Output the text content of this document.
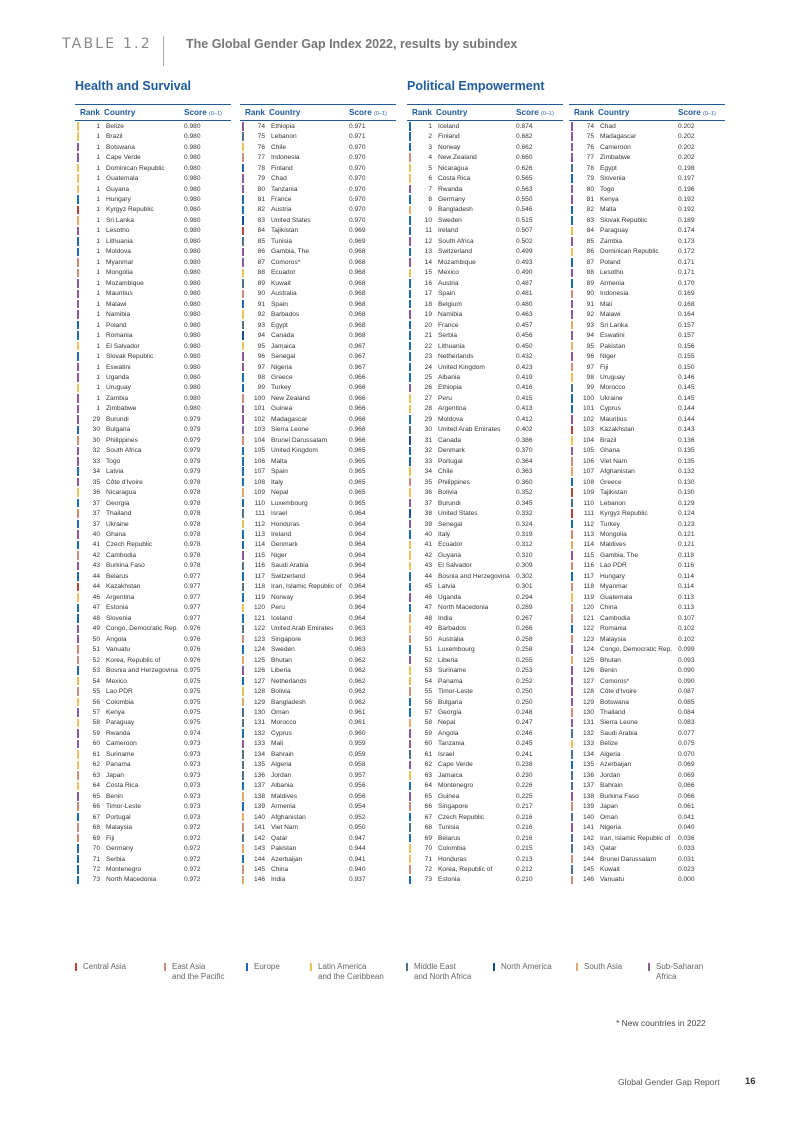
TABLE 1.2	The Global Gender Gap Index 2022, results by subindex
Health and Survival	Political Empowerment
Rank Country	Score (0–1)
1 Belize	0.980
1 Brazil	0.980
1 Botswana	0.980
1 Cape Verde	0.980
1 Dominican Republic	0.980
1 Guatemala	0.980
1 Guyana	0.980
1 Hungary	0.980
1 Kyrgyz Republic	0.980
1 Sri Lanka	0.980
1 Lesotho	0.980
1 Lithuania	0.980
1 Moldova	0.980
1 Myanmar	0.980
1 Mongolia	0.980
1 Mozambique	0.980
1 Mauritius	0.980
1 Malawi	0.980
1 Namibia	0.980
1 Poland	0.980
1 Romania	0.980
1 El Salvador	0.980
1 Slovak Republic	0.980
1 Eswatini	0.980
1 Uganda	0.980
1 Uruguay	0.980
1 Zambia	0.980
1 Zimbabwe	0.980
29 Burundi	0.979
30 Bulgaria	0.979
30 Philippines	0.979
32 South Africa	0.979
33 Togo	0.979
34 Latvia	0.979
35 Côte d'Ivoire	0.978
36 Nicaragua	0.978
37 Georgia	0.978
37 Thailand	0.978
37 Ukraine	0.978
40 Ghana	0.978
41 Czech Republic	0.978
42 Cambodia	0.978
43 Burkina Faso	0.978
44 Belarus	0.977
44 Kazakhstan	0.977
46 Argentina	0.977
47 Estonia	0.977
48 Slovenia	0.977
49 Congo, Democratic Rep. 0.976
50 Angola	0.976
51 Vanuatu	0.976
52 Korea, Republic of	0.976
53 Bosnia and Herzegovina 0.975
54 Mexico	0.975
55 Lao PDR	0.975
56 Colombia	0.975
57 Kenya	0.975
58 Paraguay	0.975
59 Rwanda	0.974
60 Cameroon	0.973
61 Suriname	0.973
62 Panama	0.973
63 Japan	0.973
64 Costa Rica	0.973
65 Benin	0.973
66 Timor-Leste	0.973
67 Portugal	0.973
68 Malaysia	0.972
69 Fiji	0.972
70 Germany	0.972
71 Serbia	0.972
72 Montenegro	0.972
73 North Macedonia	0.972
Rank Country	Score (0–1)
74 Ethiopia	0.971
75 Lebanon	0.971
76 Chile	0.970
77 Indonesia	0.970
78 Finland	0.970
79 Chad	0.970
80 Tanzania	0.970
81 France	0.970
82 Austria	0.970
83 United States	0.970
84 Tajikistan	0.969
85 Tunisia	0.969
86 Gambia, The	0.968
87 Comoros*	0.968
88 Ecuador	0.968
89 Kuwait	0.968
90 Australia	0.968
91 Spain	0.968
92 Barbados	0.968
93 Egypt	0.968
94 Canada	0.968
95 Jamaica	0.967
96 Senegal	0.967
97 Nigeria	0.967
98 Greece	0.966
99 Turkey	0.966
100 New Zealand	0.966
101 Guinea	0.966
102 Madagascar	0.966
103 Sierra Leone	0.966
104 Brunei Darussalam	0.966
105 United Kingdom	0.965
106 Malta	0.965
107 Spain	0.965
108 Italy	0.965
109 Nepal	0.965
110 Luxembourg	0.965
111 Israel	0.964
112 Honduras	0.964
113 Ireland	0.964
114 Denmark	0.964
115 Niger	0.964
116 Saudi Arabia	0.964
117 Switzerland	0.964
118 Iran, Islamic Republic of	0.964
119 Norway	0.964
120 Peru	0.964
121 Iceland	0.964
122 United Arab Emirates	0.963
123 Singapore	0.963
124 Sweden	0.963
125 Bhutan	0.962
126 Liberia	0.962
127 Netherlands	0.962
128 Bolivia	0.962
129 Bangladesh	0.962
130 Oman	0.961
131 Morocco	0.961
132 Cyprus	0.960
133 Mali	0.959
134 Bahrain	0.959
135 Algeria	0.958
136 Jordan	0.957
137 Albania	0.956
138 Maldives	0.956
139 Armenia	0.954
140 Afghanistan	0.952
141 Viet Nam	0.950
142 Qatar	0.947
143 Pakistan	0.944
144 Azerbaijan	0.941
145 China	0.940
146 India	0.937
Rank Country	Score (0–1)
1 Iceland	0.874
2 Finland	0.682
3 Norway	0.662
4 New Zealand	0.660
5 Nicaragua	0.626
6 Costa Rica	0.565
7 Rwanda	0.563
8 Germany	0.550
9 Bangladesh	0.546
10 Sweden	0.515
11 Ireland	0.507
12 South Africa	0.502
13 Switzerland	0.499
14 Mozambique	0.493
15 Mexico	0.490
16 Austria	0.487
17 Spain	0.481
18 Belgium	0.480
19 Namibia	0.463
20 France	0.457
21 Serbia	0.456
22 Lithuania	0.450
23 Netherlands	0.432
24 United Kingdom	0.423
25 Albania	0.419
26 Ethiopia	0.416
27 Peru	0.415
28 Argentina	0.413
29 Moldova	0.412
30 United Arab Emirates	0.402
31 Canada	0.386
32 Denmark	0.370
33 Portugal	0.364
34 Chile	0.363
35 Philippines	0.360
36 Bolivia	0.352
37 Burundi	0.345
38 United States	0.332
39 Senegal	0.324
40 Italy	0.319
41 Ecuador	0.312
42 Guyana	0.310
43 El Salvador	0.309
44 Bosnia and Herzegovina 0.302
45 Latvia	0.301
46 Uganda	0.294
47 North Macedonia	0.289
48 India	0.267
49 Barbados	0.266
50 Australia	0.258
51 Luxembourg	0.258
52 Liberia	0.255
53 Suriname	0.253
54 Panama	0.252
55 Timor-Leste	0.250
56 Bulgaria	0.250
57 Georgia	0.248
58 Nepal	0.247
59 Angola	0.246
60 Tanzania	0.245
61 Israel	0.241
62 Cape Verde	0.238
63 Jamaica	0.230
64 Montenegro	0.226
65 Guinea	0.225
66 Singapore	0.217
67 Czech Republic	0.216
68 Tunisia	0.216
69 Belarus	0.216
70 Colombia	0.215
71 Honduras	0.213
72 Korea, Republic of	0.212
73 Estonia	0.210
Rank Country	Score (0–1)
74 Chad	0.202
75 Madagascar	0.202
76 Cameroon	0.202
77 Zimbabwe	0.202
78 Egypt	0.198
79 Slovenia	0.197
80 Togo	0.196
81 Kenya	0.192
82 Malta	0.192
83 Slovak Republic	0.189
84 Paraguay	0.174
85 Zambia	0.173
86 Dominican Republic	0.172
87 Poland	0.171
88 Lesotho	0.171
89 Armenia	0.170
90 Indonesia	0.169
91 Mali	0.168
92 Malawi	0.164
93 Sri Lanka	0.157
94 Eswatini	0.157
95 Pakistan	0.156
96 Niger	0.155
97 Fiji	0.150
98 Uruguay	0.146
99 Morocco	0.145
100 Ukraine	0.145
101 Cyprus	0.144
102 Mauritius	0.144
103 Kazakhstan	0.143
104 Brazil	0.136
105 Ghana	0.135
106 Viet Nam	0.135
107 Afghanistan	0.132
108 Greece	0.130
109 Tajikistan	0.130
110 Lebanon	0.129
111 Kyrgyz Republic	0.124
112 Turkey	0.123
113 Mongolia	0.121
114 Maldives	0.121
115 Gambia, The	0.118
116 Lao PDR	0.116
117 Hungary	0.114
118 Myanmar	0.114
119 Guatemala	0.113
120 China	0.113
121 Cambodia	0.107
122 Romania	0.102
123 Malaysia	0.102
124 Congo, Democratic Rep. 0.099
125 Bhutan	0.093
126 Benin	0.090
127 Comoros*	0.090
128 Côte d'Ivoire	0.087
129 Botswana	0.085
130 Thailand	0.084
131 Sierra Leone	0.083
132 Saudi Arabia	0.077
133 Belize	0.075
134 Algeria	0.070
135 Azerbaijan	0.069
136 Jordan	0.069
137 Bahrain	0.066
138 Burkina Faso	0.066
139 Japan	0.061
140 Oman	0.041
141 Nigeria	0.040
142 Iran, Islamic Republic of	0.036
143 Qatar	0.033
144 Brunei Darussalam	0.031
145 Kuwait	0.023
146 Vanuatu	0.000
Central Asia	East Asia
and the Pacific
Europe	Latin America
and the Caribbean
Middle East
and North Africa
North America	South Asia	Sub-Saharan
Africa
* New countries in 2022
Global Gender Gap Report	16
